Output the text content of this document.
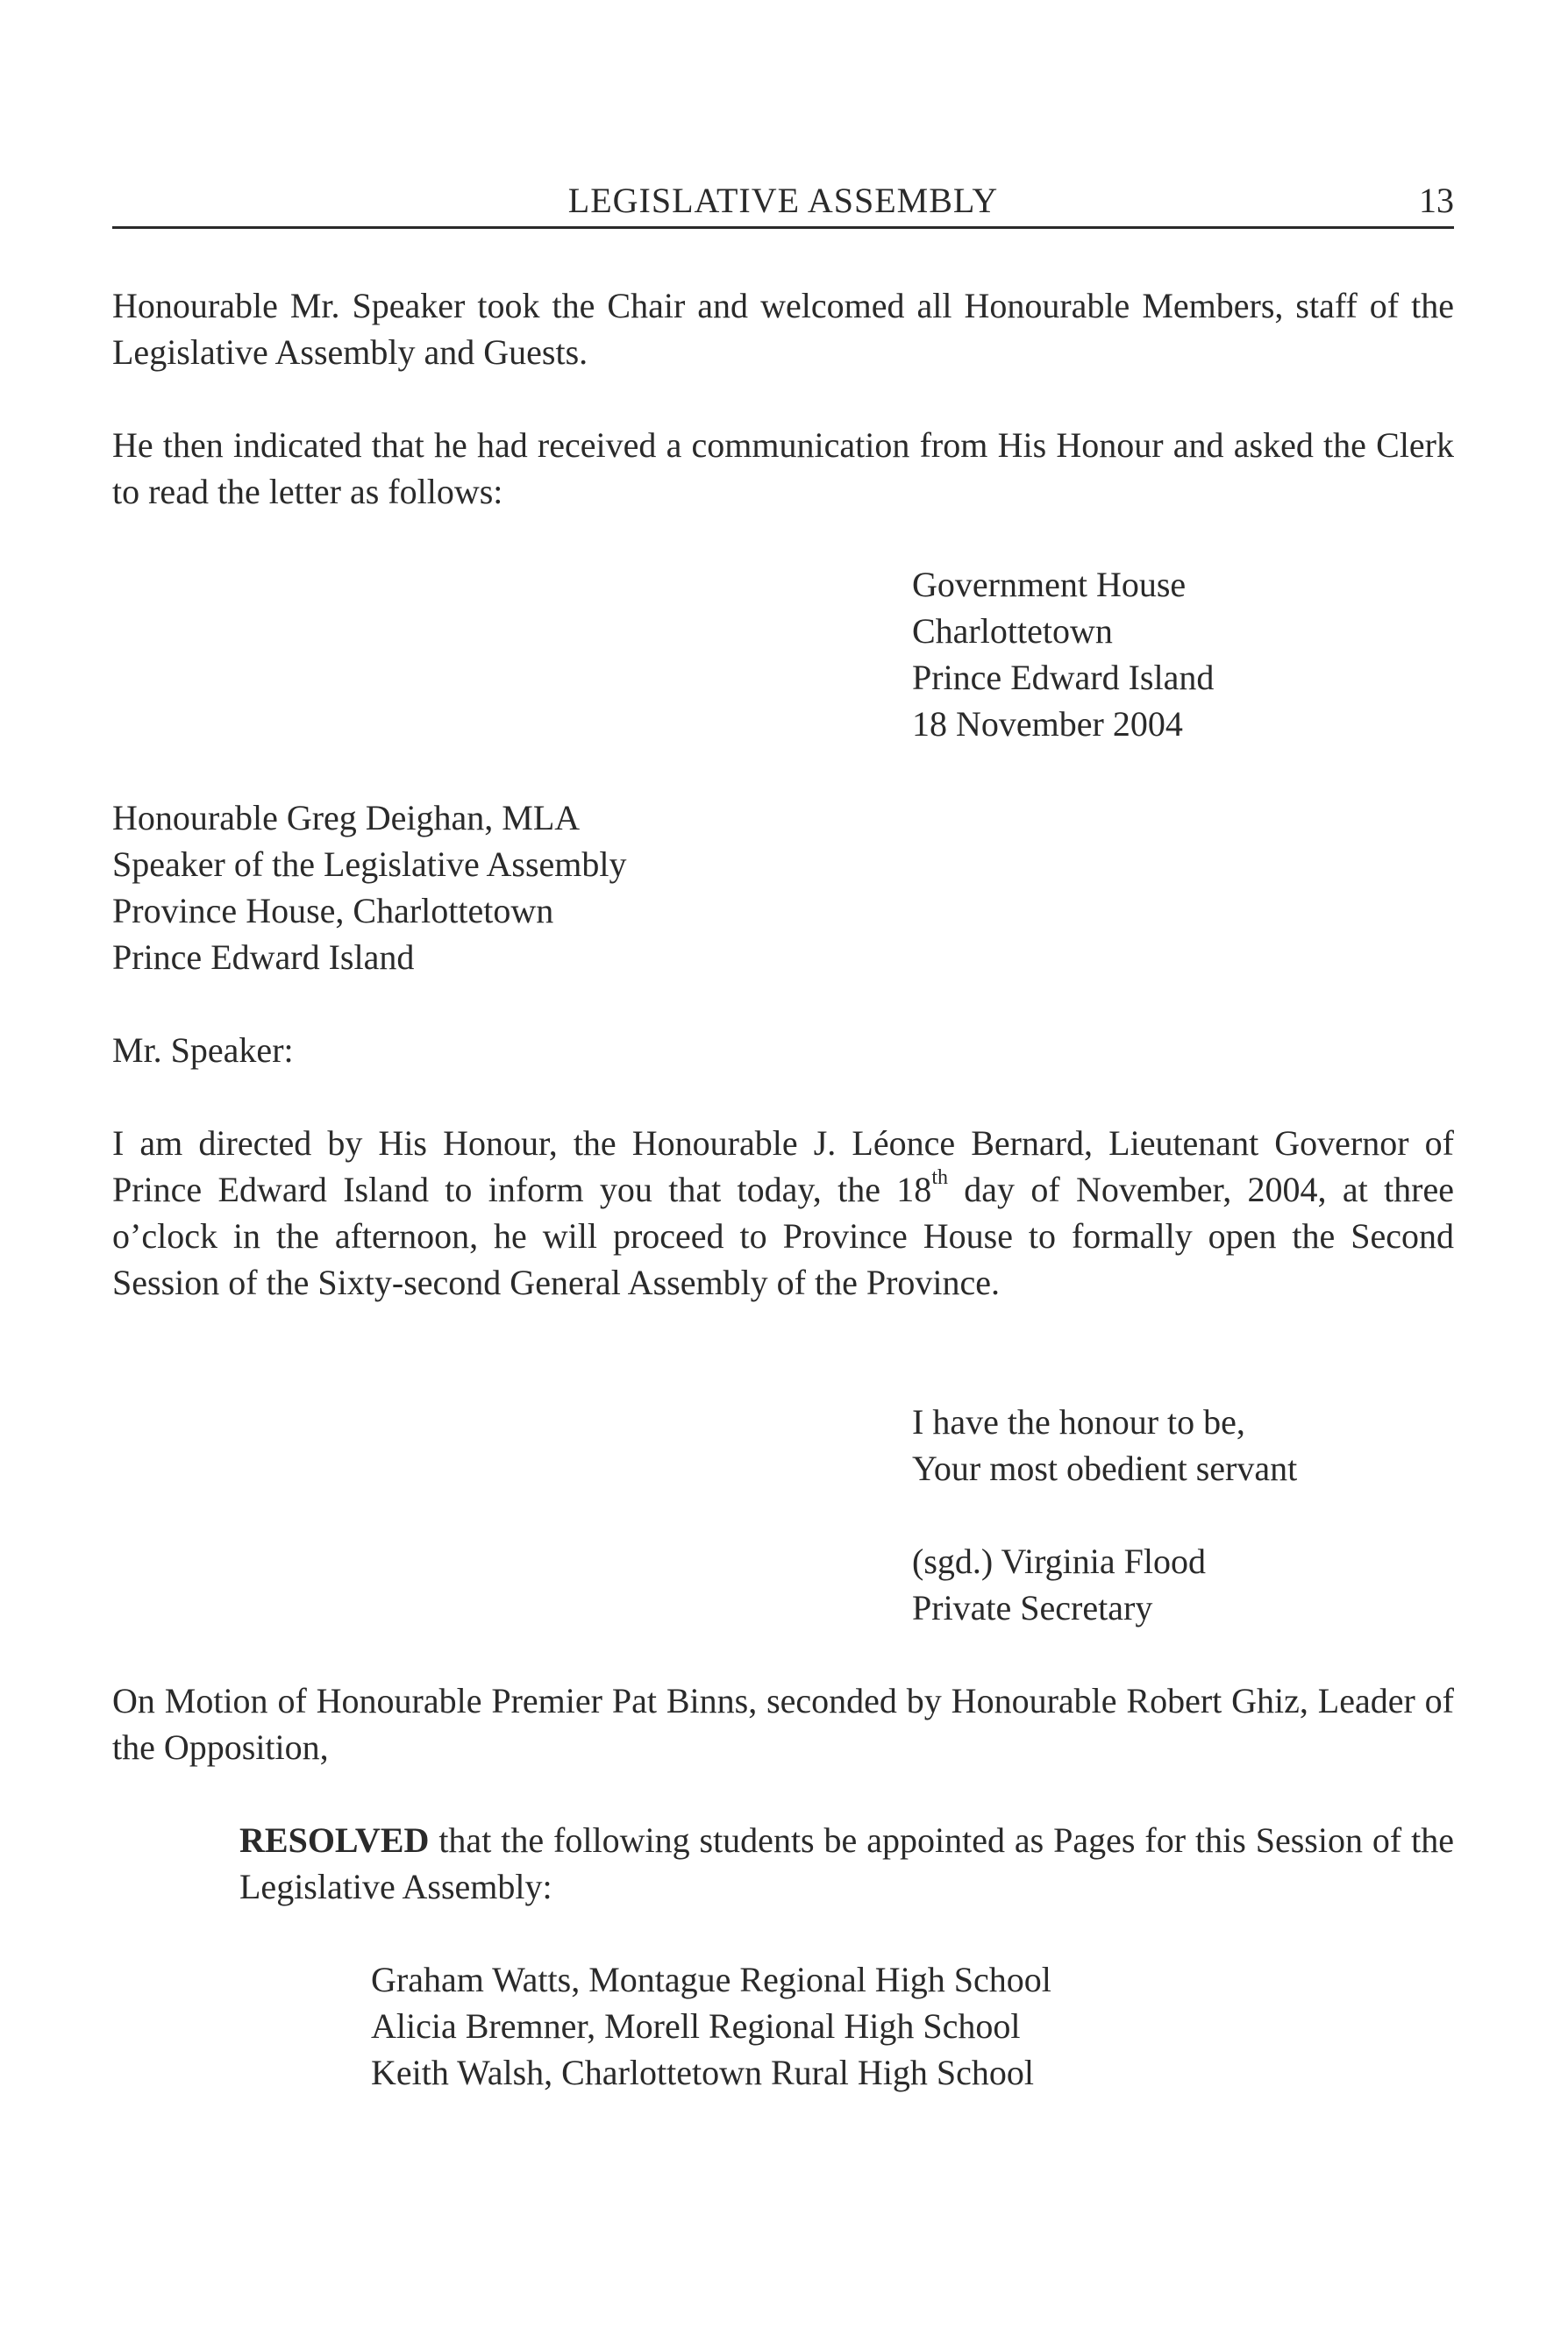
LEGISLATIVE ASSEMBLY	13

Honourable Mr. Speaker took the Chair and welcomed all Honourable Members, staff of the Legislative Assembly and Guests.

He then indicated that he had received a communication from His Honour and asked the Clerk to read the letter as follows:

Government House
Charlottetown
Prince Edward Island
18 November 2004
Honourable Greg Deighan, MLA
Speaker of the Legislative Assembly
Province House, Charlottetown
Prince Edward Island
Mr. Speaker:

I am directed by His Honour, the Honourable J. Léonce Bernard, Lieutenant Governor of Prince Edward Island to inform you that today, the 18th day of November, 2004, at three o’clock in the afternoon, he will proceed to Province House to formally open the Second Session of the Sixty-second General Assembly of the Province.

I have the honour to be,
Your most obedient servant
(sgd.) Virginia Flood
Private Secretary

On Motion of Honourable Premier Pat Binns, seconded by Honourable Robert Ghiz, Leader of the Opposition,

RESOLVED that the following students be appointed as Pages for this Session of the Legislative Assembly:

Graham Watts, Montague Regional High School
Alicia Bremner, Morell Regional High School
Keith Walsh, Charlottetown Rural High School
